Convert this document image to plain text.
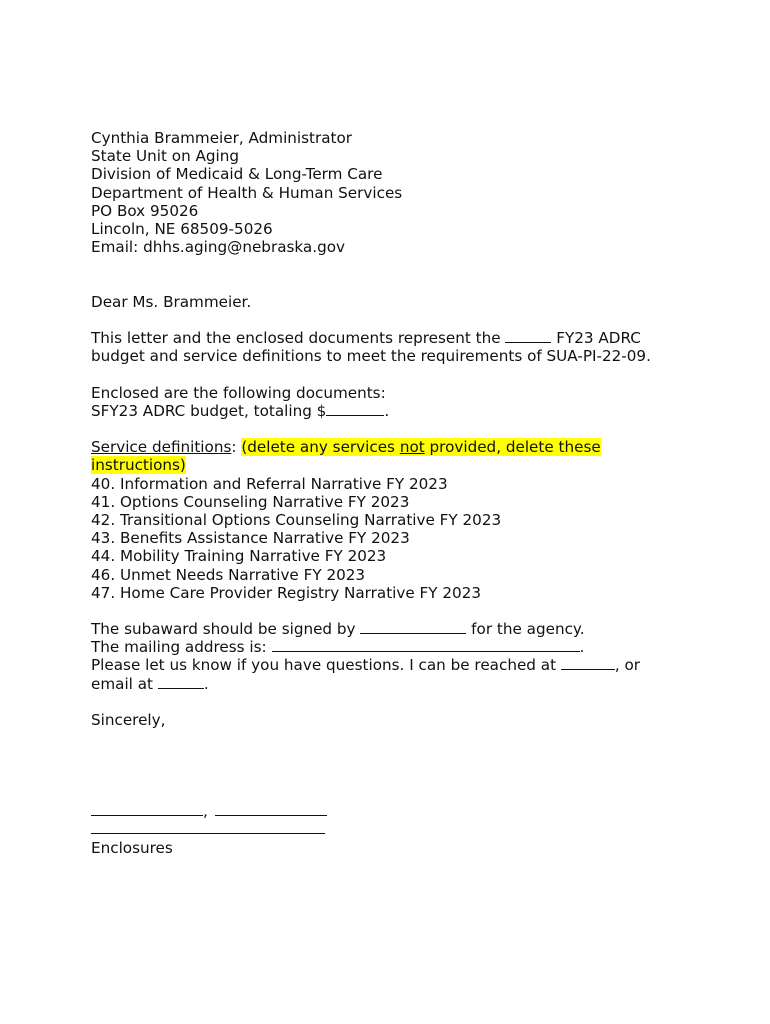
Cynthia Brammeier, Administrator
State Unit on Aging
Division of Medicaid & Long-Term Care
Department of Health & Human Services
PO Box 95026
Lincoln, NE 68509-5026
Email: dhhs.aging@nebraska.gov
Dear Ms. Brammeier.
This letter and the enclosed documents represent the	FY23 ADRC
budget and service definitions to meet the requirements of SUA-PI-22-09.
Enclosed are the following documents:
SFY23 ADRC budget, totaling $	.
Service definitions: (delete any services not provided, delete these
instructions)
40. Information and Referral Narrative FY 2023
41. Options Counseling Narrative FY 2023
42. Transitional Options Counseling Narrative FY 2023
43. Benefits Assistance Narrative FY 2023
44. Mobility Training Narrative FY 2023
46. Unmet Needs Narrative FY 2023
47. Home Care Provider Registry Narrative FY 2023
The subaward should be signed by	for the agency.
The mailing address is:	.
Please let us know if you have questions. I can be reached at	, or
email at	.
Sincerely,
,
Enclosures
